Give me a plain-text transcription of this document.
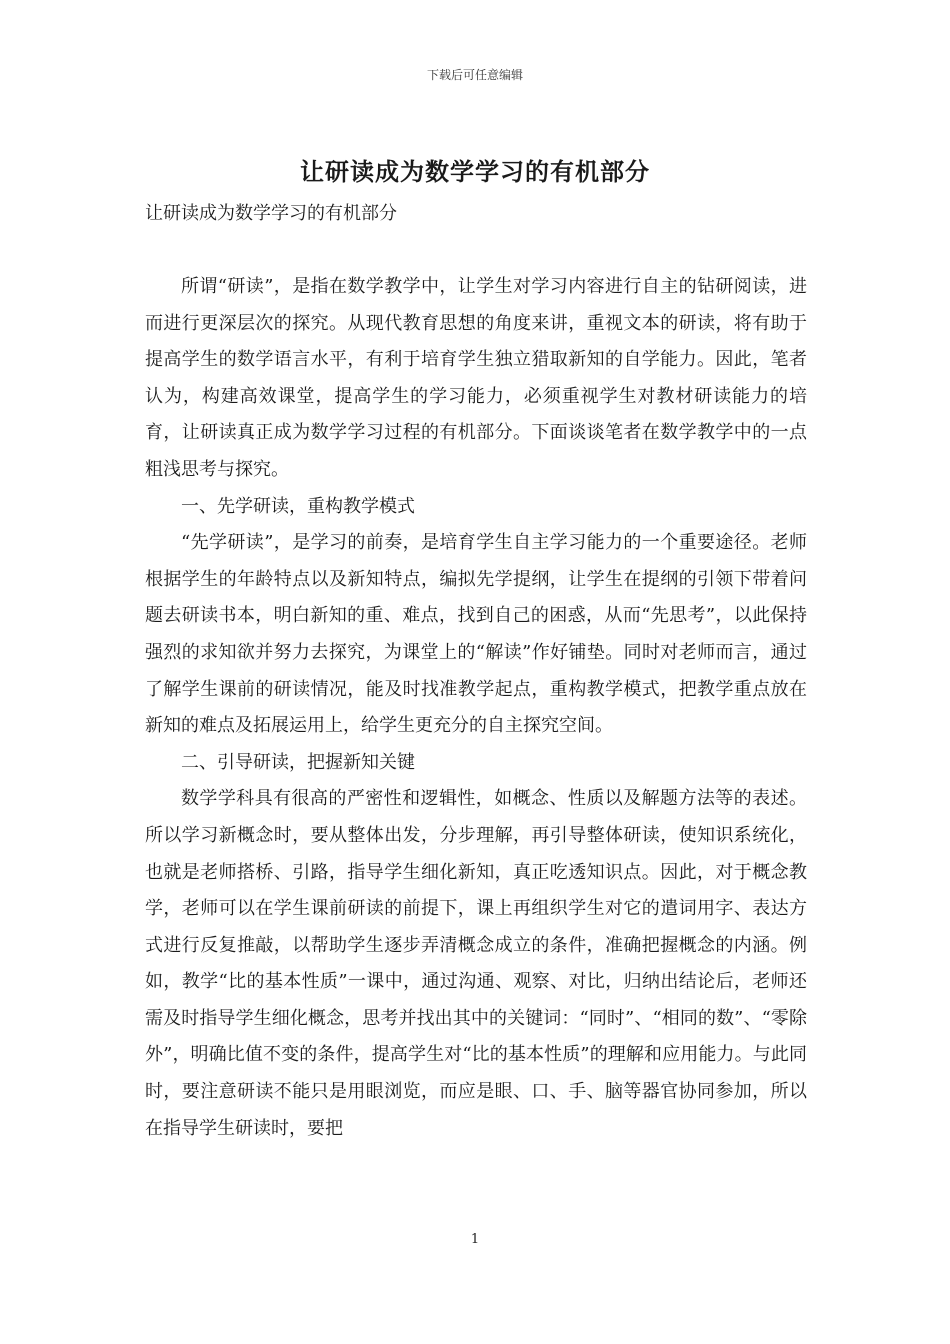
下载后可任意编辑
让研读成为数学学习的有机部分
让研读成为数学学习的有机部分

所谓“研读”，是指在数学教学中，让学生对学习内容进行自主的钻研阅读，进而进行更深层次的探究。从现代教育思想的角度来讲，重视文本的研读，将有助于提高学生的数学语言水平，有利于培育学生独立猎取新知的自学能力。因此，笔者认为，构建高效课堂，提高学生的学习能力，必须重视学生对教材研读能力的培育，让研读真正成为数学学习过程的有机部分。下面谈谈笔者在数学教学中的一点粗浅思考与探究。

一、先学研读，重构教学模式

“先学研读”，是学习的前奏，是培育学生自主学习能力的一个重要途径。老师根据学生的年龄特点以及新知特点，编拟先学提纲，让学生在提纲的引领下带着问题去研读书本，明白新知的重、难点，找到自己的困惑，从而“先思考”，以此保持强烈的求知欲并努力去探究，为课堂上的“解读”作好铺垫。同时对老师而言，通过了解学生课前的研读情况，能及时找准教学起点，重构教学模式，把教学重点放在新知的难点及拓展运用上，给学生更充分的自主探究空间。

二、引导研读，把握新知关键

数学学科具有很高的严密性和逻辑性，如概念、性质以及解题方法等的表述。所以学习新概念时，要从整体出发，分步理解，再引导整体研读，使知识系统化，也就是老师搭桥、引路，指导学生细化新知，真正吃透知识点。因此，对于概念教学，老师可以在学生课前研读的前提下，课上再组织学生对它的遣词用字、表达方式进行反复推敲，以帮助学生逐步弄清概念成立的条件，准确把握概念的内涵。例如，教学“比的基本性质”一课中，通过沟通、观察、对比，归纳出结论后，老师还需及时指导学生细化概念，思考并找出其中的关键词：“同时”、“相同的数”、“零除外”，明确比值不变的条件，提高学生对“比的基本性质”的理解和应用能力。与此同时，要注意研读不能只是用眼浏览，而应是眼、口、手、脑等器官协同参加，所以在指导学生研读时，要把

1
